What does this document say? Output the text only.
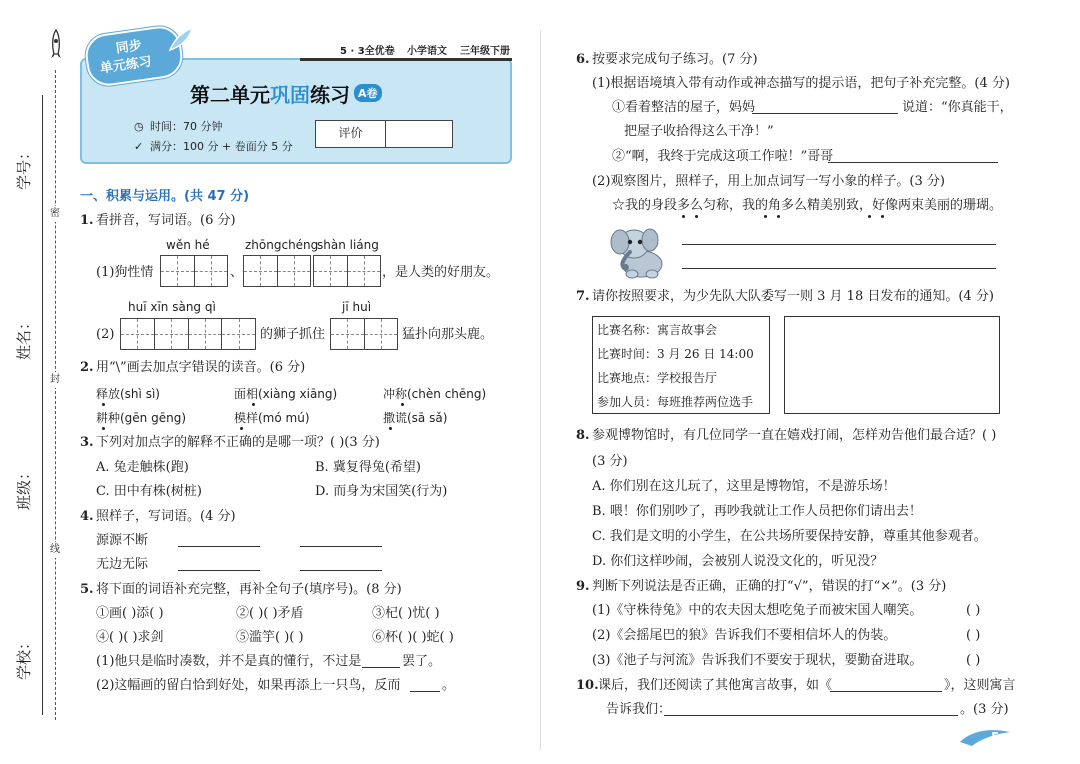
密
封
线
学号：
姓名：
班级：
学校：
同步
单元练习
5 · 3全优卷 小学语文 三年级下册
第二单元 巩固 练习 A卷
◷ 时间：70 分钟
✓ 满分：100 分 + 卷面分 5 分
评价
一、积累与运用。(共 47 分)
1. 看拼音，写词语。(6 分)
wěn hé	zhōngchéng
shàn liáng
(1)狗性情	、	，是人类的好朋友。
huī xīn sàng qì	jī huì
(2)	的狮子抓住	猛扑向那头鹿。
2. 用“\”画去加点字错误的读音。(6 分)
释放(shì sì)	面相(xiàng xiāng)	冲称(chèn chēng)
耕种(gēn gēng)	模样(mó mú)	撒谎(sā sǎ)
3. 下列对加点字的解释不正确的是哪一项？( )(3 分)
A. 兔走触株(跑)	B. 冀复得兔(希望)
C. 田中有株(树桩)	D. 而身为宋国笑(行为)
4. 照样子，写词语。(4 分)
源源不断
无边无际
5. 将下面的词语补充完整，再补全句子(填序号)。(8 分)
①画( )添( )	②( )( )矛盾	③杞( )忧( )
④( )( )求剑	⑤滥竽( )( )	⑥杯( )( )蛇( )
(1)他只是临时凑数，并不是真的懂行，不过是	罢了。
(2)这幅画的留白恰到好处，如果再添上一只鸟，反而	。
6. 按要求完成句子练习。(7 分)
(1)根据语境填入带有动作或神态描写的提示语，把句子补充完整。(4 分)
①看着整洁的屋子，妈妈	说道：“你真能干，
把屋子收拾得这么干净！”
②“啊，我终于完成这项工作啦！”哥哥
(2)观察图片，照样子，用上加点词写一写小象的样子。(3 分)
☆我的身段多么匀称，我的角多么精美别致，好像两束美丽的珊瑚。
7. 请你按照要求，为少先队大队委写一则 3 月 18 日发布的通知。(4 分)
比赛名称：寓言故事会
比赛时间：3 月 26 日 14:00
比赛地点：学校报告厅
参加人员：每班推荐两位选手
8. 参观博物馆时，有几位同学一直在嬉戏打闹，怎样劝告他们最合适？( )
(3 分)
A. 你们别在这儿玩了，这里是博物馆，不是游乐场！
B. 喂！你们别吵了，再吵我就让工作人员把你们请出去！
C. 我们是文明的小学生，在公共场所要保持安静，尊重其他参观者。
D. 你们这样吵闹，会被别人说没文化的，听见没？
9. 判断下列说法是否正确，正确的打“√”，错误的打“×”。(3 分)
(1)《守株待兔》中的农夫因太想吃兔子而被宋国人嘲笑。	( )
(2)《会摇尾巴的狼》告诉我们不要相信坏人的伪装。	( )
(3)《池子与河流》告诉我们不要安于现状，要勤奋进取。	( )
10. 课后，我们还阅读了其他寓言故事，如《	》，这则寓言
告诉我们：	。(3 分)
5
